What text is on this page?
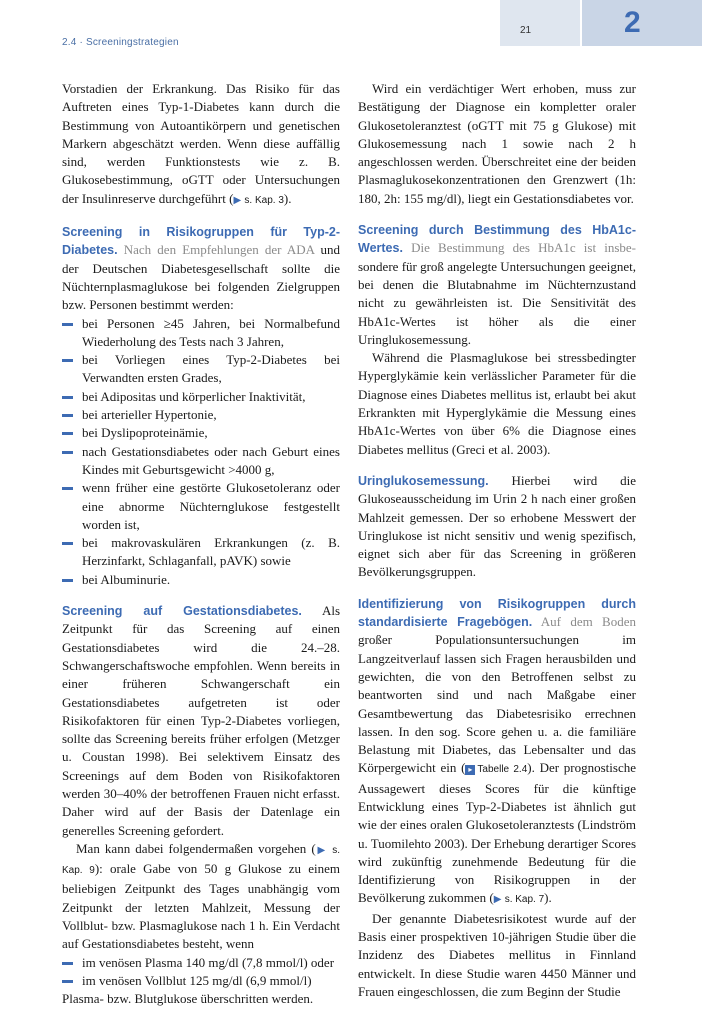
2.4 · Screeningstrategien
21	2

Vorstadien der Erkrankung. Das Risiko für das Auftreten eines Typ-1-Diabetes kann durch die Bestimmung von Autoantikörpern und genetischen Markern abgeschätzt werden. Wenn diese auffällig sind, werden Funktionstests wie z. B. Glukosebestimmung, oGTT oder Untersuchungen der Insulinreserve durchgeführt (▶ s. Kap. 3).

Screening in Risikogruppen für Typ-2-Diabetes. Nach den Empfehlungen der ADA und der Deutschen Diabetesgesellschaft sollte die Nüchternplasmaglukose bei folgenden Zielgruppen bzw. Personen bestimmt werden:

bei Personen ≥45 Jahren, bei Normalbefund Wiederholung des Tests nach 3 Jahren,
bei Vorliegen eines Typ-2-Diabetes bei Verwandten ersten Grades,
bei Adipositas und körperlicher Inaktivität,
bei arterieller Hypertonie,
bei Dyslipoproteinämie,
nach Gestationsdiabetes oder nach Geburt eines Kindes mit Geburtsgewicht >4000 g,
wenn früher eine gestörte Glukosetoleranz oder eine abnorme Nüchternglukose festgestellt worden ist,
bei makrovaskulären Erkrankungen (z. B. Herzinfarkt, Schlaganfall, pAVK) sowie
bei Albuminurie.

Screening auf Gestationsdiabetes. Als Zeitpunkt für das Screening auf einen Gestationsdiabetes wird die 24.–28. Schwangerschaftswoche empfohlen. Wenn bereits in einer früheren Schwangerschaft ein Gestationsdiabetes aufgetreten ist oder Risikofaktoren für einen Typ-2-Diabetes vorliegen, sollte das Screening bereits früher erfolgen (Metzger u. Coustan 1998). Bei selektivem Einsatz des Screenings auf dem Boden von Risikofaktoren werden 30–40% der betroffenen Frauen nicht erfasst. Daher wird auf der Basis der Datenlage ein generelles Screening gefordert.

Man kann dabei folgendermaßen vorgehen (▶ s. Kap. 9): orale Gabe von 50 g Glukose zu einem beliebigen Zeitpunkt des Tages unabhängig vom Zeitpunkt der letzten Mahlzeit, Messung der Vollblut- bzw. Plasmaglukose nach 1 h. Ein Verdacht auf Gestationsdiabetes besteht, wenn

im venösen Plasma 140 mg/dl (7,8 mmol/l) oder
im venösen Vollblut 125 mg/dl (6,9 mmol/l)

Plasma- bzw. Blutglukose überschritten werden.

Wird ein verdächtiger Wert erhoben, muss zur Bestätigung der Diagnose ein kompletter oraler Glukosetoleranztest (oGTT mit 75 g Glukose) mit Glukosemessung nach 1 sowie nach 2 h angeschlossen werden. Überschreitet eine der beiden Plasmaglukosekonzentrationen den Grenzwert (1h: 180, 2h: 155 mg/dl), liegt ein Gestationsdiabetes vor.

Screening durch Bestimmung des HbA1c-Wertes. Die Bestimmung des HbA1c ist insbe- sondere für groß angelegte Untersuchungen geeignet, bei denen die Blutabnahme im Nüchternzustand nicht zu gewährleisten ist. Die Sensitivität des HbA1c-Wertes ist höher als die einer Uringlukosemessung.

Während die Plasmaglukose bei stressbedingter Hyperglykämie kein verlässlicher Parameter für die Diagnose eines Diabetes mellitus ist, erlaubt bei akut Erkrankten mit Hyperglykämie die Messung eines HbA1c-Wertes von über 6% die Diagnose eines Diabetes mellitus (Greci et al. 2003).

Uringlukosemessung. Hierbei wird die Glukoseausscheidung im Urin 2 h nach einer großen Mahlzeit gemessen. Der so erhobene Messwert der Uringlukose ist nicht sensitiv und wenig spezifisch, eignet sich aber für das Screening in größeren Bevölkerungsgruppen.

Identifizierung von Risikogruppen durch standardisierte Fragebögen. Auf dem Boden großer Populationsuntersuchungen im Langzeitverlauf lassen sich Fragen herausbilden und gewichten, die von den Betroffenen selbst zu beantworten sind und nach Maßgabe einer Gesamtbewertung das Diabetesrisiko errechnen lassen. In den sog. Score gehen u. a. die familiäre Belastung mit Diabetes, das Lebensalter und das Körpergewicht ein ( ▸ Tabelle 2.4). Der prognostische Aussagewert dieses Scores für die künftige Entwicklung eines Typ-2-Diabetes ist ähnlich gut wie der eines oralen Glukosetoleranztests (Lindström u. Tuomilehto 2003). Der Erhebung derartiger Scores wird zukünftig zunehmende Bedeutung für die Identifizierung von Risikogruppen in der Bevölkerung zukommen (▶ s. Kap. 7).

Der genannte Diabetesrisikotest wurde auf der Basis einer prospektiven 10-jährigen Studie über die Inzidenz des Diabetes mellitus in Finnland entwickelt. In diese Studie waren 4450 Männer und Frauen eingeschlossen, die zum Beginn der Studie
